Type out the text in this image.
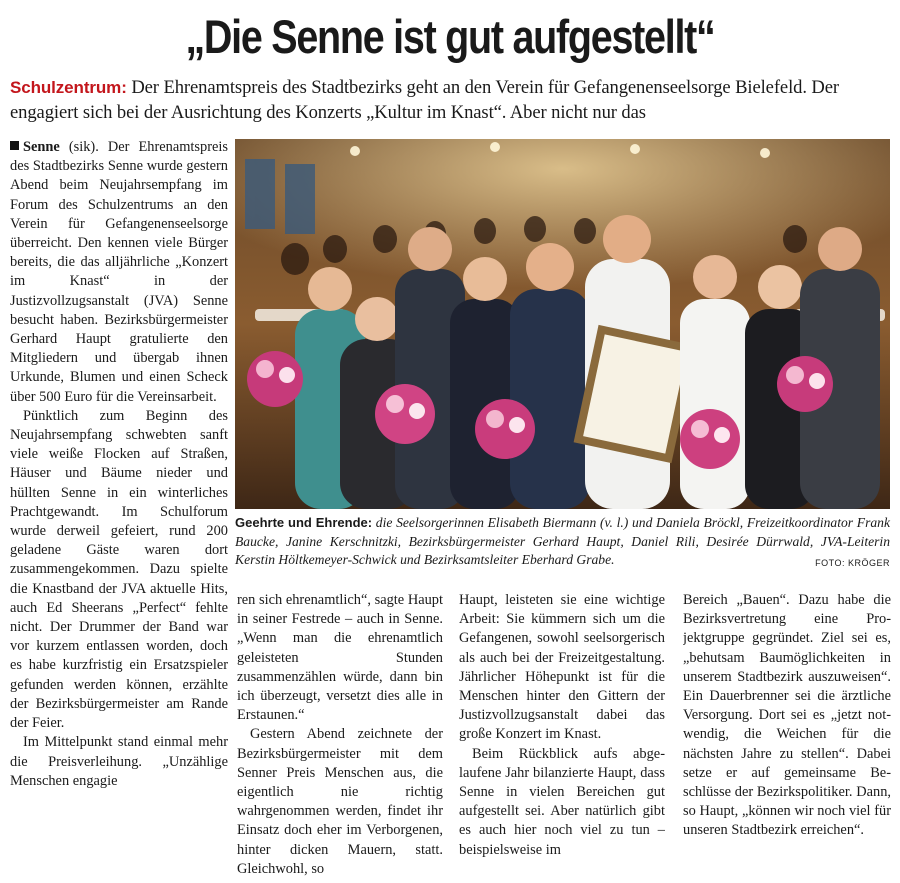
„Die Senne ist gut aufgestellt“
Schulzentrum: Der Ehrenamtspreis des Stadtbezirks geht an den Verein für Gefangenenseelsorge Bielefeld. Der engagiert sich bei der Ausrichtung des Konzerts „Kultur im Knast“. Aber nicht nur das

Senne (sik). Der Ehrenamtspreis des Stadtbezirks Senne wurde gestern Abend beim Neujahrsempfang im Forum des Schulzentrums an den Verein für Gefangenenseelsorge überreicht. Den kennen viele Bürger bereits, die das alljährliche „Konzert im Knast“ in der Justizvollzugsanstalt (JVA) Senne besucht haben. Bezirksbürgermeister Gerhard Haupt gratulierte den Mitgliedern und übergab ihnen Urkunde, Blumen und einen Scheck über 500 Euro für die Vereinsarbeit.

Pünktlich zum Beginn des Neujahrsempfang schwebten sanft viele weiße Flocken auf Straßen, Häuser und Bäume nieder und hüllten Senne in ein winterliches Prachtgewandt. Im Schulforum wurde derweil gefeiert, rund 200 geladene Gäste waren dort zusammengekommen. Dazu spielte die Knastband der JVA aktuelle Hits, auch Ed Sheerans „Perfect“ fehlte nicht. Der Drummer der Band war vor kurzem entlassen worden, doch es habe kurzfristig ein Ersatzspieler gefunden werden können, erzählte der Bezirksbürgermeister am Rande der Feier.

Im Mittelpunkt stand einmal mehr die Preisverleihung. „Unzählige Menschen engagie

Geehrte und Ehrende: die Seelsorgerinnen Elisabeth Biermann (v. l.) und Daniela Bröckl, Freizeitkoordinator Frank Baucke, Janine Kerschnitzki, Bezirksbürgermeister Gerhard Haupt, Daniel Rili, Desirée Dürrwald, JVA-Leiterin Kerstin Höltkemeyer-Schwick und Bezirksamtsleiter Eberhard Grabe.	FOTO: KRÖGER

ren sich ehrenamtlich“, sagte Haupt in seiner Festrede – auch in Senne. „Wenn man die ehrenamtlich geleisteten Stunden zusammenzählen würde, dann bin ich überzeugt, versetzt dies alle in Erstaunen.“

Gestern Abend zeichnete der Bezirksbürgermeister mit dem Senner Preis Menschen aus, die eigentlich nie richtig wahrgenommen werden, findet ihr Einsatz doch eher im Verborgenen, hinter dicken Mauern, statt. Gleichwohl, so

Haupt, leisteten sie eine wichtige Arbeit: Sie kümmern sich um die Gefangenen, sowohl seelsorgerisch als auch bei der Freizeitgestaltung. Jährlicher Höhepunkt ist für die Menschen hinter den Gittern der Justizvollzugsanstalt dabei das große Konzert im Knast.

Beim Rückblick aufs abgelaufene Jahr bilanzierte Haupt, dass Senne in vielen Bereichen gut aufgestellt sei. Aber natürlich gibt es auch hier noch viel zu tun – beispielsweise im

Bereich „Bauen“. Dazu habe die Bezirksvertretung eine Projektgruppe gegründet. Ziel sei es, „behutsam Baumöglichkeiten in unserem Stadtbezirk auszuweisen“. Ein Dauerbrenner sei die ärztliche Versorgung. Dort sei es „jetzt notwendig, die Weichen für die nächsten Jahre zu stellen“. Dabei setze er auf gemeinsame Beschlüsse der Bezirkspolitiker. Dann, so Haupt, „können wir noch viel für unseren Stadtbezirk erreichen“.
